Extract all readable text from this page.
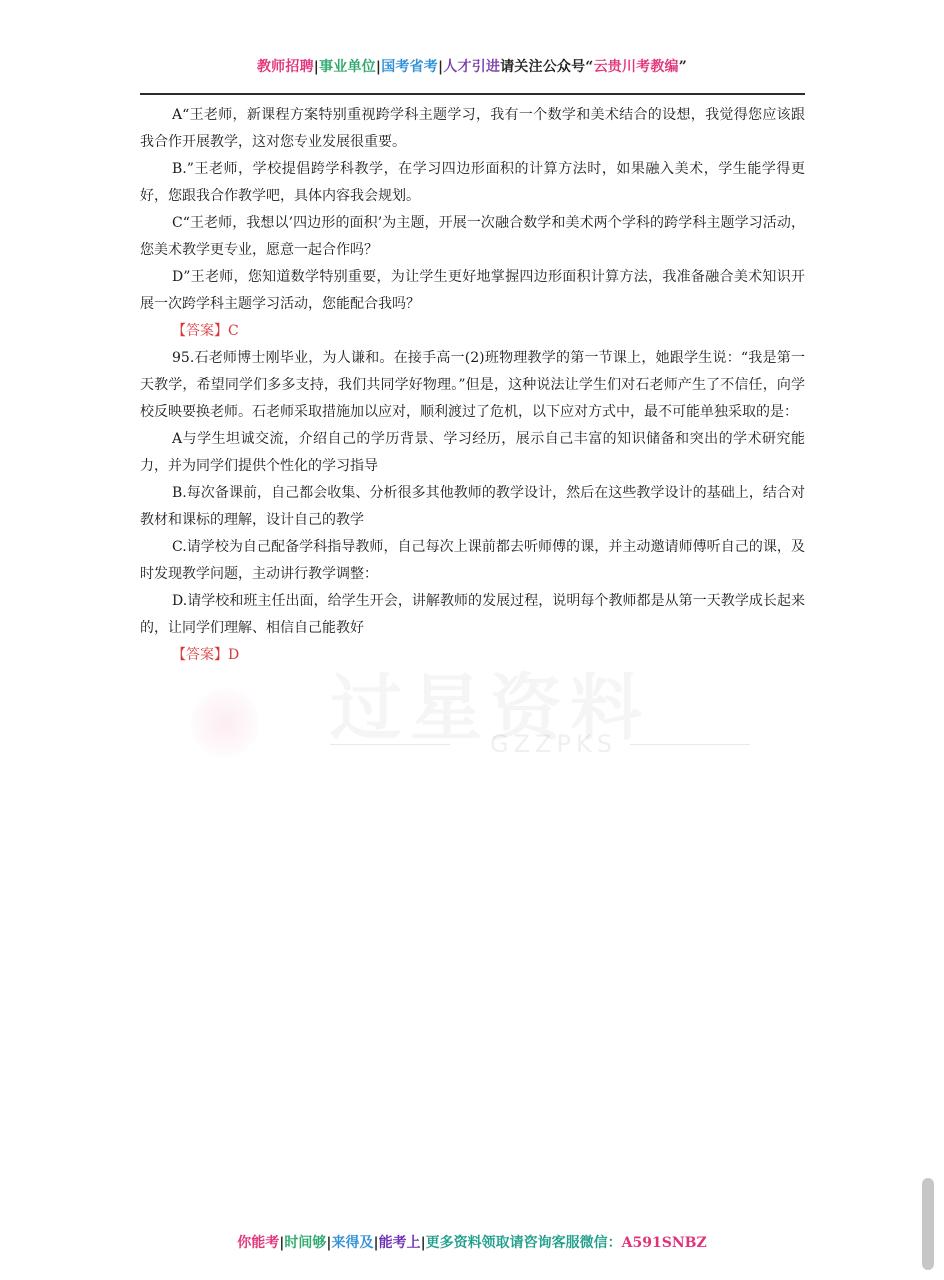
教师招聘|事业单位|国考省考|人才引进请关注公众号“云贵川考教编”
GZZPKS

A“王老师，新课程方案特别重视跨学科主题学习，我有一个数学和美术结合的设想，我觉得您应该跟我合作开展教学，这对您专业发展很重要。

B.”王老师，学校提倡跨学科教学，在学习四边形面积的计算方法时，如果融入美术，学生能学得更好，您跟我合作教学吧，具体内容我会规划。

C“王老师，我想以’四边形的面积’为主题，开展一次融合数学和美术两个学科的跨学科主题学习活动，您美术教学更专业，愿意一起合作吗？

D”王老师，您知道数学特别重要，为让学生更好地掌握四边形面积计算方法，我准备融合美术知识开展一次跨学科主题学习活动，您能配合我吗？

【答案】C

95.石老师博士刚毕业，为人谦和。在接手高一(2)班物理教学的第一节课上，她跟学生说：“我是第一天教学，希望同学们多多支持，我们共同学好物理。”但是，这种说法让学生们对石老师产生了不信任，向学校反映要换老师。石老师采取措施加以应对，顺利渡过了危机，以下应对方式中，最不可能单独采取的是：

A与学生坦诚交流，介绍自己的学历背景、学习经历，展示自己丰富的知识储备和突出的学术研究能力，并为同学们提供个性化的学习指导

B.每次备课前，自己都会收集、分析很多其他教师的教学设计，然后在这些教学设计的基础上，结合对教材和课标的理解，设计自己的教学

C.请学校为自己配备学科指导教师，自己每次上课前都去听师傅的课，并主动邀请师傅听自己的课，及时发现教学问题，主动讲行教学调整：

D.请学校和班主任出面，给学生开会，讲解教师的发展过程，说明每个教师都是从第一天教学成长起来的，让同学们理解、相信自己能教好

【答案】D

你能考|时间够|来得及|能考上|更多资料领取请咨询客服微信：A591SNBZ
